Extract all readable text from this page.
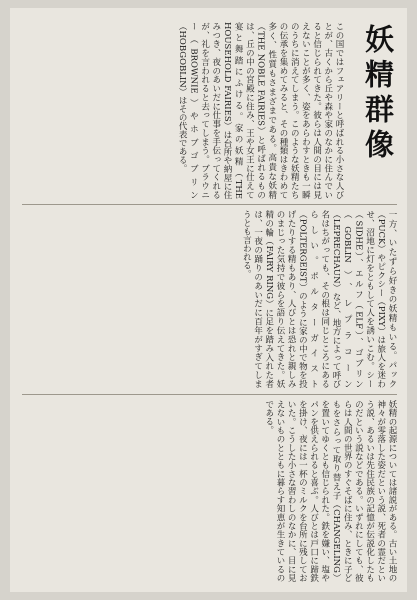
妖精群像
この国ではフェアリーと呼ばれる小さな人びとが、古くから丘や森や家のなかに住んでいると信じられてきた。彼らは人間の目には見えないことが多く、姿をあらわすときも一瞬のうちに消えてしまう。このような妖精たちの伝承を集めてみると、その種類はきわめて多く、性質もさまざまである。高貴な妖精（THE NOBLE FAIRIES）と呼ばれるものは、丘の中の宮殿に住み、王や女王に仕えて宴と舞踏にふける。家の妖精（THE HOUSEHOLD FAIRIES）は台所や納屋に住みつき、夜のあいだに仕事を手伝ってくれるが、礼を言われると去ってしまう。ブラウニー（BROWNIE）やホブゴブリン（HOBGOBLIN）はその代表である。
一方、いたずら好きの妖精もいる。パック（PUCK）やピクシー（PIXY）は旅人を迷わせ、沼地に灯をともして人を誘いこむ。シー（SIDHE）、エルフ（ELF）、ゴブリン（GOBLIN）、レプラコーン（LEPRECHAUN）など、地方によって呼び名はちがっても、その根は同じところにあるらしい。ポルターガイスト（POLTERGEIST）のように家の中で物を投げたりする精もあり、人びとは恐れと親しみのまじった気持で彼らを語り伝えてきた。妖精の輪（FAIRY RING）に足を踏み入れた者は、一夜の踊りのあいだに百年がすぎてしまうとも言われる。
妖精の起源については諸説がある。古い土地の神々が零落した姿だという説、死者の霊だという説、あるいは先住民族の記憶が伝説化したものだという説などである。いずれにしても、彼らは人間の世界のすぐそばに住み、ときに子どもをさらって取り替え子（CHANGELING）を置いてゆくとも信じられた。鉄を嫌い、塩やパンを供えられると喜ぶ。人びとは戸口に蹄鉄を掛け、夜には一杯のミルクを台所に残しておいた。こうした小さな習わしのなかに、目に見えないものとともに暮らす知恵が生きているのである。
